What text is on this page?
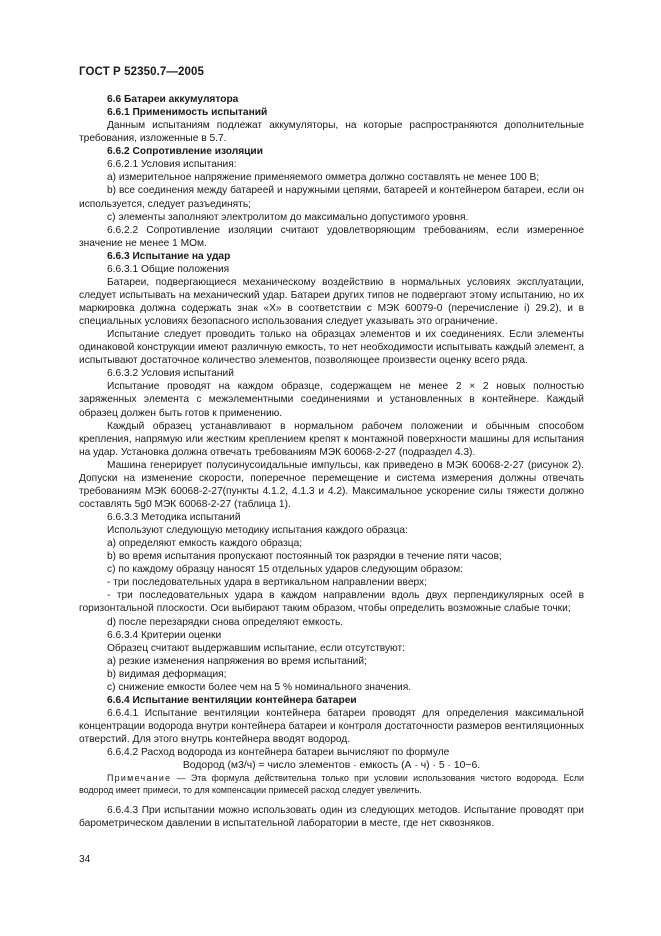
ГОСТ Р 52350.7—2005

6.6 Батареи аккумулятора

6.6.1 Применимость испытаний

Данным испытаниям подлежат аккумуляторы, на которые распространяются дополнительные требования, изложенные в 5.7.

6.6.2 Сопротивление изоляции

6.6.2.1 Условия испытания:

a) измерительное напряжение применяемого омметра должно составлять не менее 100 В;

b) все соединения между батареей и наружными цепями, батареей и контейнером батареи, если он используется, следует разъединять;

c) элементы заполняют электролитом до максимально допустимого уровня.

6.6.2.2 Сопротивление изоляции считают удовлетворяющим требованиям, если измеренное значение не менее 1 МОм.

6.6.3 Испытание на удар

6.6.3.1 Общие положения

Батареи, подвергающиеся механическому воздействию в нормальных условиях эксплуатации, следует испытывать на механический удар. Батареи других типов не подвергают этому испытанию, но их маркировка должна содержать знак «Х» в соответствии с МЭК 60079-0 (перечисление i) 29.2), и в специальных условиях безопасного использования следует указывать это ограничение.

Испытание следует проводить только на образцах элементов и их соединениях. Если элементы одинаковой конструкции имеют различную емкость, то нет необходимости испытывать каждый элемент, а испытывают достаточное количество элементов, позволяющее произвести оценку всего ряда.

6.6.3.2 Условия испытаний

Испытание проводят на каждом образце, содержащем не менее 2 × 2 новых полностью заряженных элемента с межэлементными соединениями и установленных в контейнере. Каждый образец должен быть готов к применению.

Каждый образец устанавливают в нормальном рабочем положении и обычным способом крепления, напрямую или жестким креплением крепят к монтажной поверхности машины для испытания на удар. Установка должна отвечать требованиям МЭК 60068-2-27 (подраздел 4.3).

Машина генерирует полусинусоидальные импульсы, как приведено в МЭК 60068-2-27 (рисунок 2). Допуски на изменение скорости, поперечное перемещение и система измерения должны отвечать требованиям МЭК 60068-2-27(пункты 4.1.2, 4.1.3 и 4.2). Максимальное ускорение силы тяжести должно составлять 5g0 МЭК 60068-2-27 (таблица 1).

6.6.3.3 Методика испытаний

Используют следующую методику испытания каждого образца:

a) определяют емкость каждого образца;

b) во время испытания пропускают постоянный ток разрядки в течение пяти часов;

c) по каждому образцу наносят 15 отдельных ударов следующим образом:

- три последовательных удара в вертикальном направлении вверх;

- три последовательных удара в каждом направлении вдоль двух перпендикулярных осей в горизонтальной плоскости. Оси выбирают таким образом, чтобы определить возможные слабые точки;

d) после перезарядки снова определяют емкость.

6.6.3.4 Критерии оценки

Образец считают выдержавшим испытание, если отсутствуют:

a) резкие изменения напряжения во время испытаний;

b) видимая деформация;

c) снижение емкости более чем на 5 % номинального значения.

6.6.4 Испытание вентиляции контейнера батареи

6.6.4.1 Испытание вентиляции контейнера батареи проводят для определения максимальной концентрации водорода внутри контейнера батареи и контроля достаточности размеров вентиляционных отверстий. Для этого внутрь контейнера вводят водород.

6.6.4.2 Расход водорода из контейнера батареи вычисляют по формуле

Водород (м3/ч) = число элементов · емкость (А · ч) · 5 · 10−6.

Примечание — Эта формула действительна только при условии использования чистого водорода. Если водород имеет примеси, то для компенсации примесей расход следует увеличить.

6.6.4.3 При испытании можно использовать один из следующих методов. Испытание проводят при барометрическом давлении в испытательной лаборатории в месте, где нет сквозняков.

34
